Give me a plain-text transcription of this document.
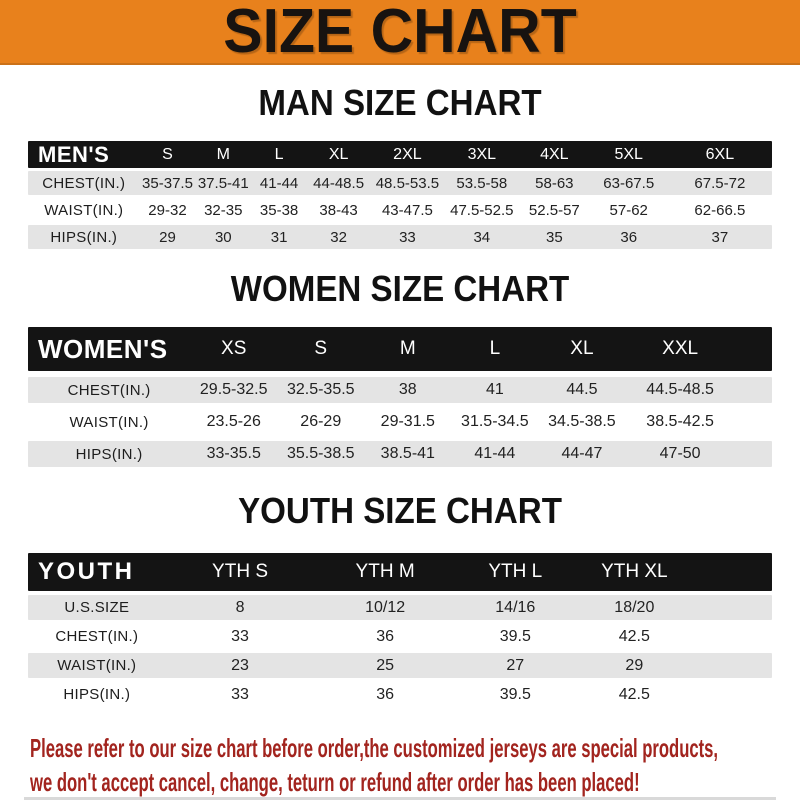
SIZE CHART
MAN SIZE CHART
MEN'S	S	M	L	XL	2XL	3XL	4XL	5XL	6XL
CHEST(IN.)	35-37.5 37.5-41 41-44 44-48.5 48.5-53.5	53.5-58	58-63	63-67.5	67.5-72
WAIST(IN.)	29-32	32-35	35-38	38-43	43-47.5	47.5-52.5	52.5-57	57-62	62-66.5
HIPS(IN.)	29	30	31	32	33	34	35	36	37
WOMEN SIZE CHART
WOMEN'S	XS	S	M	L	XL	XXL
CHEST(IN.)	29.5-32.5	32.5-35.5	38	41	44.5	44.5-48.5
WAIST(IN.)	23.5-26	26-29	29-31.5	31.5-34.5	34.5-38.5	38.5-42.5
HIPS(IN.)	33-35.5	35.5-38.5	38.5-41	41-44	44-47	47-50
YOUTH SIZE CHART
YOUTH	YTH S	YTH M	YTH L	YTH XL
U.S.SIZE	8	10/12	14/16	18/20
CHEST(IN.)	33	36	39.5	42.5
WAIST(IN.)	23	25	27	29
HIPS(IN.)	33	36	39.5	42.5
Please refer to our size chart before order,the customized jerseys are special products,
we don't accept cancel, change, teturn or refund after order has been placed!
